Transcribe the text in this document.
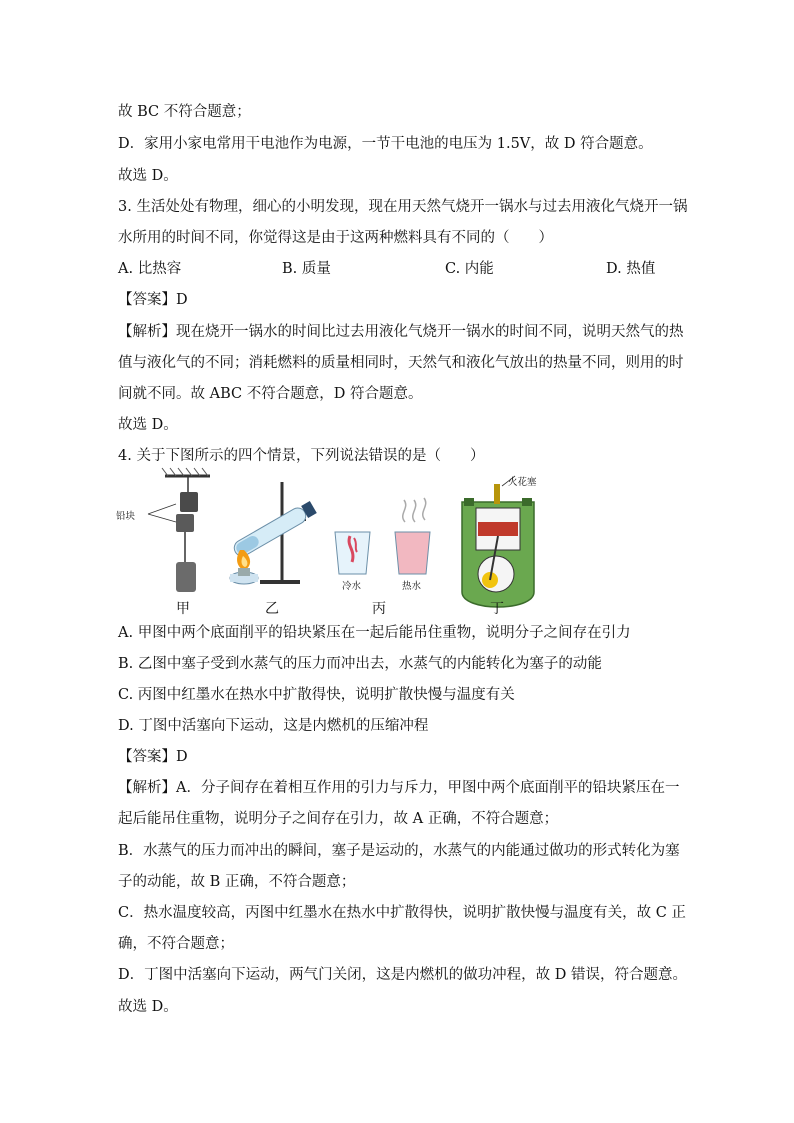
故 BC 不符合题意；
D．家用小家电常用干电池作为电源，一节干电池的电压为 1.5V，故 D 符合题意。
故选 D。
3. 生活处处有物理，细心的小明发现，现在用天然气烧开一锅水与过去用液化气烧开一锅
水所用的时间不同，你觉得这是由于这两种燃料具有不同的（　　）
A. 比热容	B. 质量	C. 内能	D. 热值
【答案】D
【解析】现在烧开一锅水的时间比过去用液化气烧开一锅水的时间不同，说明天然气的热
值与液化气的不同；消耗燃料的质量相同时，天然气和液化气放出的热量不同，则用的时
间就不同。故 ABC 不符合题意，D 符合题意。
故选 D。
4. 关于下图所示的四个情景，下列说法错误的是（　　）
铅块
火花塞
冷水	热水
甲	乙	丙	丁
A. 甲图中两个底面削平的铅块紧压在一起后能吊住重物，说明分子之间存在引力
B. 乙图中塞子受到水蒸气的压力而冲出去，水蒸气的内能转化为塞子的动能
C. 丙图中红墨水在热水中扩散得快，说明扩散快慢与温度有关
D. 丁图中活塞向下运动，这是内燃机的压缩冲程
【答案】D
【解析】A．分子间存在着相互作用的引力与斥力，甲图中两个底面削平的铅块紧压在一
起后能吊住重物，说明分子之间存在引力，故 A 正确，不符合题意；
B．水蒸气的压力而冲出的瞬间，塞子是运动的，水蒸气的内能通过做功的形式转化为塞
子的动能，故 B 正确，不符合题意；
C．热水温度较高，丙图中红墨水在热水中扩散得快，说明扩散快慢与温度有关，故 C 正
确，不符合题意；
D．丁图中活塞向下运动，两气门关闭，这是内燃机的做功冲程，故 D 错误，符合题意。
故选 D。
